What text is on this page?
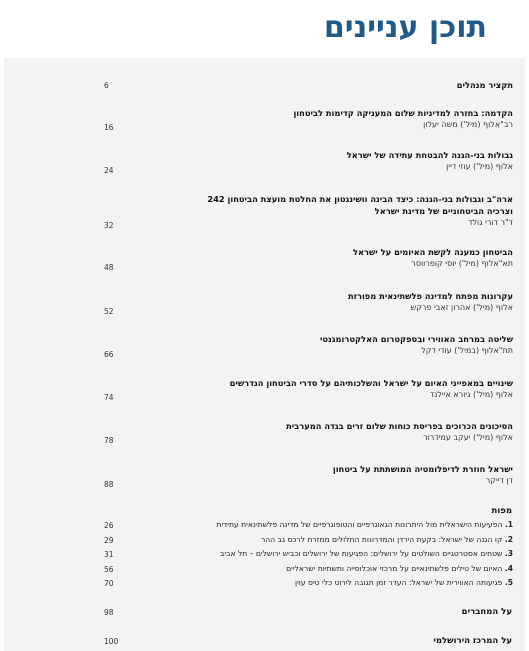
תוכן עניינים
תקציר מנהלים
6
הקדמה: בחזרה למדיניות שלום המעניקה קדימות לביטחון
רב"אלוף (מיל') משה יעלון
16
גבולות בני-הגנה להבטחת עתידה של ישראל
אלוף (מיל') עוזי דיין
24
ארה"ב וגבולות בני-הגנה: כיצד הבינה וושינגטון את החלטת מועצת הביטחון 242
וצרכיה הביטחוניים של מדינת ישראל
ד"ר דורי גולד
32
הביטחון כמענה לקשת האיומים על ישראל
תא"אלוף (מיל') יוסי קופרווסר
48
עקרונות מפתח למדינה פלשתינאית מפורזת
אלוף (מיל') אהרון זאבי פרקש
52
שליטה במרחב האווירי ובספקטרום האלקטרומגנטי
תת"אלוף (במיל') עודי דקל
66
שינויים במאפייני האיום על ישראל והשלכותיהם על סדרי הביטחון הנדרשים
אלוף (מיל') גיורא איילנד
74
הסיכונים הכרוכים בפריסת כוחות שלום זרים בגדה המערבית
אלוף (מיל') יעקב עמידרור
78
ישראל חוזרת לדיפלומטיה המושתתת על ביטחון
דן דייקר
88
מפות
1. הפעיעות הישראלית מול היתרונות הגאוגרפיים והטופוגרפיים של מדינה פלשתינאית עתידית
26
2. קו הגנה של ישראל: בקעת הירדן והמדרונות התלולים ממזרח לרכס גב ההר
29
3. שטחים אסטרטגיים השולטים על ירושלים: הפגיעות של ירושלים וכביש ירושלים – תל אביב
31
4. האיום של טילים פלשתינאיים על מרכזי אוכלוסייה ותשתיות ישראליים
56
5. פגיעותה האווירית של ישראל: העדר זמן תגובה לירוט כלי טיס עוין
70
על המחברים
98
על המרכז הירושלמי
100
